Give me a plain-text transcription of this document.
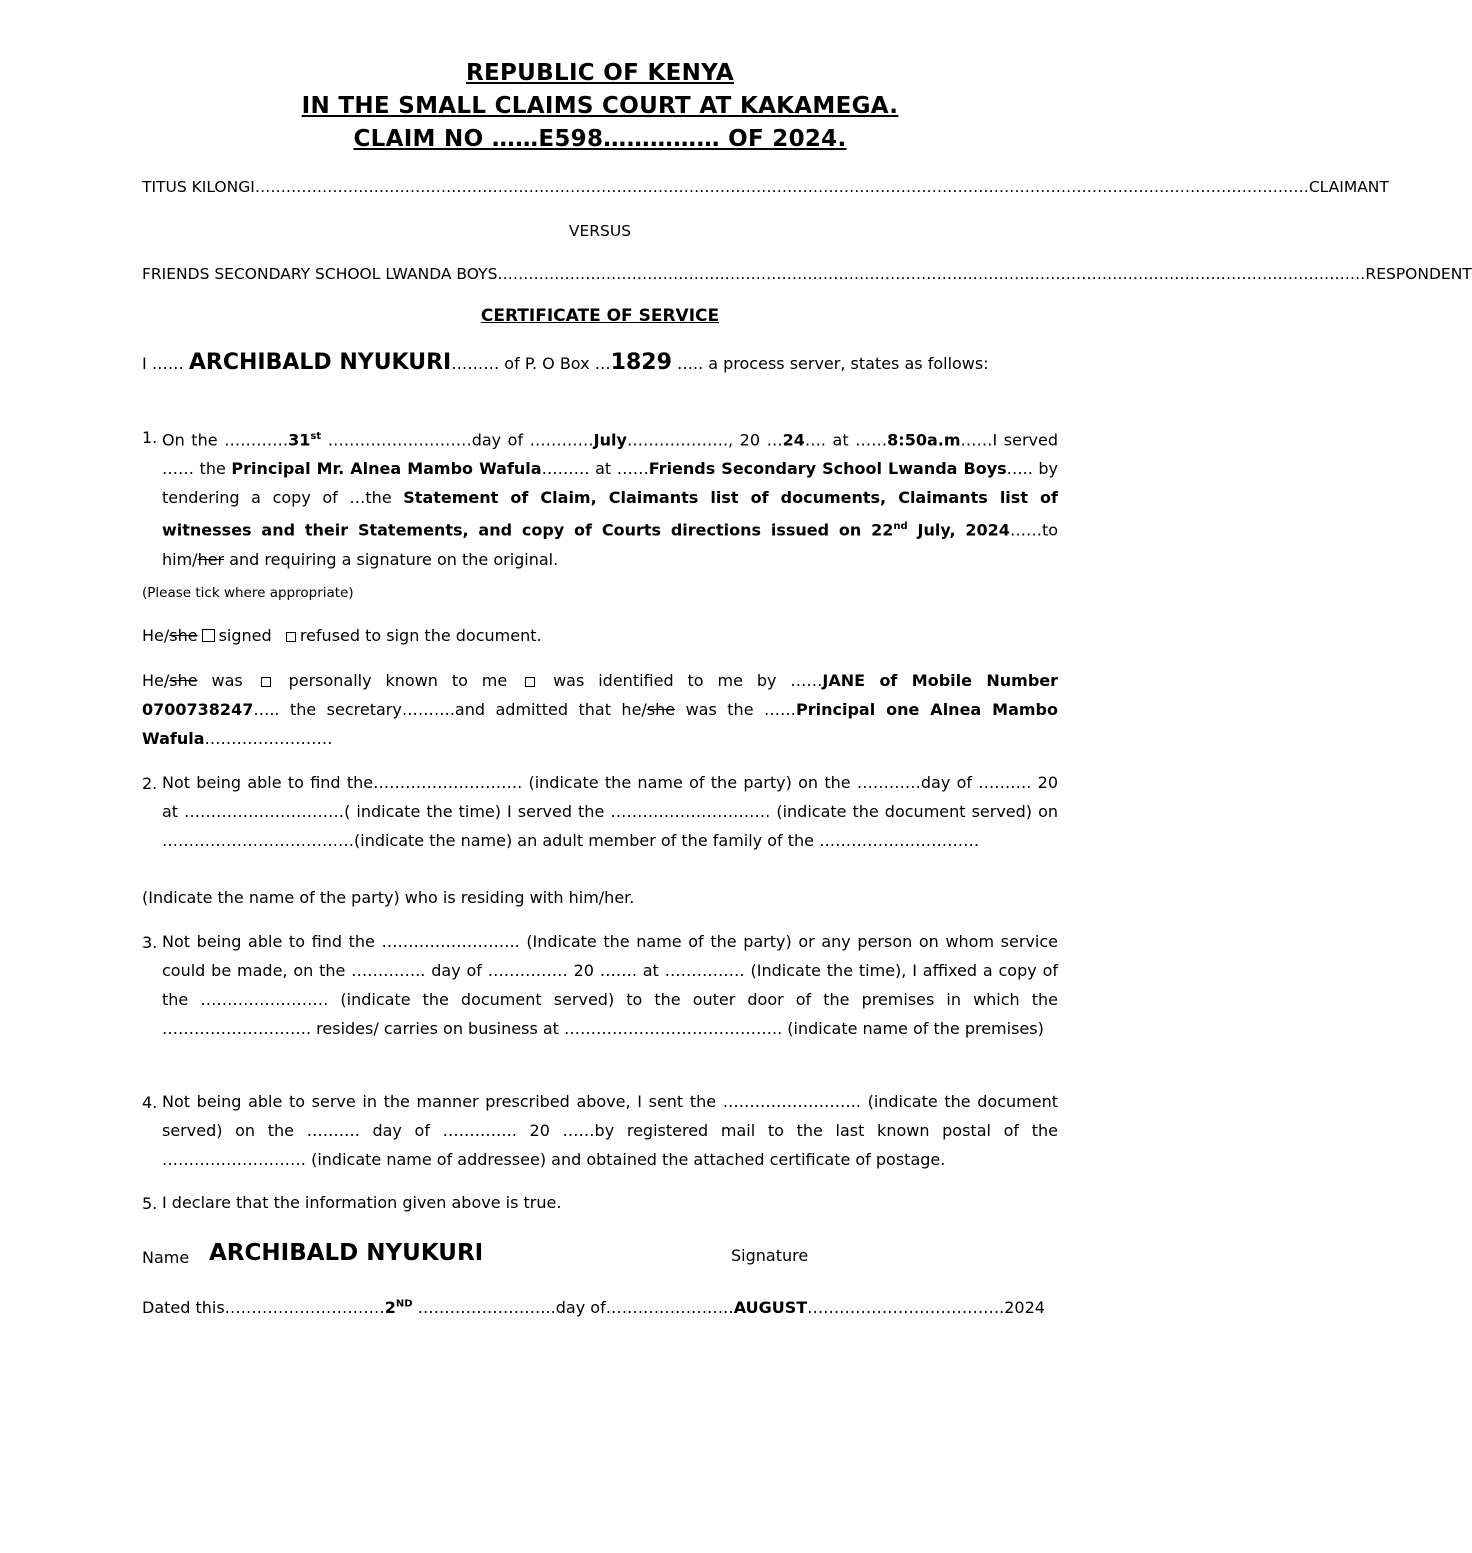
REPUBLIC OF KENYA
IN THE SMALL CLAIMS COURT AT KAKAMEGA.
CLAIM NO ……E598…………… OF 2024.
TITUS KILONGI …………………………………………………………………………………………………………………………………………………………………………………… CLAIMANT
VERSUS
FRIENDS SECONDARY SCHOOL LWANDA BOYS …………………………………………………………………………………………………………………………………………………… RESPONDENT
CERTIFICATE OF SERVICE
I …… ARCHIBALD NYUKURI……… of P. O Box …1829 ….. a process server, states as follows:
1. On the …………31st ………………………day of …………July………………., 20 …24…. at ……8:50a.m……I served …… the Principal Mr. Alnea Mambo Wafula……… at ……Friends Secondary School Lwanda Boys….. by tendering a copy of …the Statement of Claim, Claimants list of documents, Claimants list of witnesses and their Statements, and copy of Courts directions issued on 22nd July, 2024……to him/her and requiring a signature on the original.
(Please tick where appropriate)
He/she signed refused to sign the document.
He/she was  personally known to me	was identified to me by ……JANE of Mobile Number 0700738247….. the secretary……….and admitted that he/she was the ……Principal one Alnea Mambo Wafula……………………
2. Not being able to find the………………………. (indicate the name of the party) on the …………day of ………. 20 at …………………………( indicate the time) I served the ………………………… (indicate the document served) on ………………………………(indicate the name) an adult member of the family of the …………………………
(Indicate the name of the party) who is residing with him/her.
3. Not being able to find the …………………….. (Indicate the name of the party) or any person on whom service could be made, on the ………….. day of …………… 20 ……. at …………… (Indicate the time), I affixed a copy of the …………………… (indicate the document served) to the outer door of the premises in which the ………………………. resides/ carries on business at ………………………………….. (indicate name of the premises)
4. Not being able to serve in the manner prescribed above, I sent the …………………….. (indicate the document served) on the ………. day of ………….. 20 ……by registered mail to the last known postal of the ……………………… (indicate name of addressee) and obtained the attached certificate of postage.
5. I declare that the information given above is true.
Name ARCHIBALD NYUKURI	Signature
Dated this…………………………2ND ……………………..day of……………………AUGUST……………………………….2024
